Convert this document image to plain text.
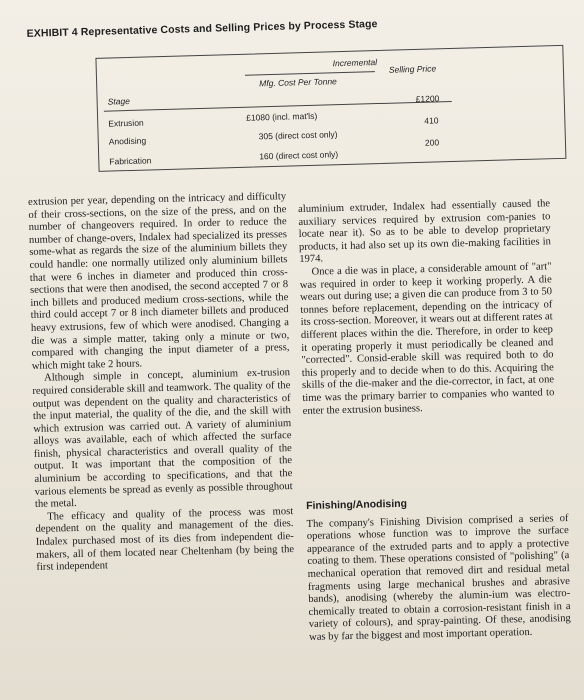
EXHIBIT 4 Representative Costs and Selling Prices by Process Stage
Incremental
Mfg. Cost Per Tonne
Selling Price
Stage
Extrusion
£1080 (incl. mat'ls)
£1200
Anodising	305 (direct cost only)
410
Fabrication	160 (direct cost only)
200

extrusion per year, depending on the intricacy and difficulty of their cross-sections, on the size of the press, and on the number of changeovers required. In order to reduce the number of change-overs, Indalex had specialized its presses some-what as regards the size of the aluminium billets they could handle: one normally utilized only aluminium billets that were 6 inches in diameter and produced thin cross-sections that were then anodised, the second accepted 7 or 8 inch billets and produced medium cross-sections, while the third could accept 7 or 8 inch diameter billets and produced heavy extrusions, few of which were anodised. Changing a die was a simple matter, taking only a minute or two, compared with changing the input diameter of a press, which might take 2 hours.

Although simple in concept, aluminium ex-trusion required considerable skill and teamwork. The quality of the output was dependent on the quality and characteristics of the input material, the quality of the die, and the skill with which extrusion was carried out. A variety of aluminium alloys was available, each of which affected the surface finish, physical characteristics and overall quality of the output. It was important that the composition of the aluminium be according to specifications, and that the various elements be spread as evenly as possible throughout the metal.

The efficacy and quality of the process was most dependent on the quality and management of the dies. Indalex purchased most of its dies from independent die-makers, all of them located near Cheltenham (by being the first independent

aluminium extruder, Indalex had essentially caused the auxiliary services required by extrusion com-panies to locate near it). So as to be able to develop proprietary products, it had also set up its own die-making facilities in 1974.

Once a die was in place, a considerable amount of "art" was required in order to keep it working properly. A die wears out during use; a given die can produce from 3 to 50 tonnes before replacement, depending on the intricacy of its cross-section. Moreover, it wears out at different rates at different places within the die. Therefore, in order to keep it operating properly it must periodically be cleaned and "corrected". Consid-erable skill was required both to do this properly and to decide when to do this. Acquiring the skills of the die-maker and the die-corrector, in fact, at one time was the primary barrier to companies who wanted to enter the extrusion business.

Finishing/Anodising

The company's Finishing Division comprised a series of operations whose function was to improve the surface appearance of the extruded parts and to apply a protective coating to them. These operations consisted of "polishing" (a mechanical operation that removed dirt and residual metal fragments using large mechanical brushes and abrasive bands), anodising (whereby the alumin-ium was electro-chemically treated to obtain a corrosion-resistant finish in a variety of colours), and spray-painting. Of these, anodising was by far the biggest and most important operation.
